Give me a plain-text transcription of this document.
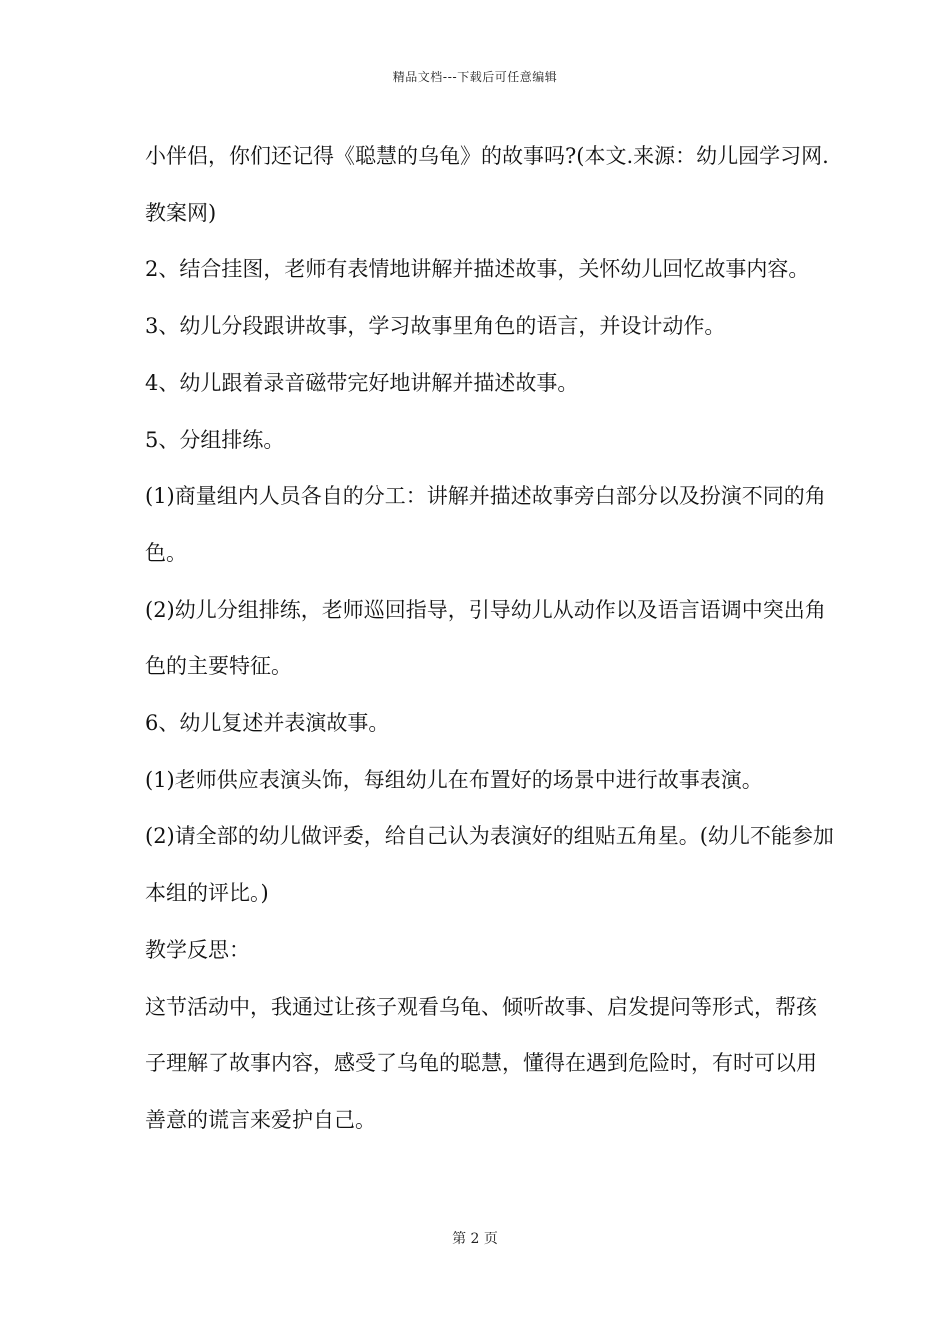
精品文档---下载后可任意编辑

小伴侣，你们还记得《聪慧的乌龟》的故事吗?(本文.来源：幼儿园学习网.教案网)

2、结合挂图，老师有表情地讲解并描述故事，关怀幼儿回忆故事内容。

3、幼儿分段跟讲故事，学习故事里角色的语言，并设计动作。

4、幼儿跟着录音磁带完好地讲解并描述故事。

5、分组排练。

(1)商量组内人员各自的分工：讲解并描述故事旁白部分以及扮演不同的角色。

(2)幼儿分组排练，老师巡回指导，引导幼儿从动作以及语言语调中突出角色的主要特征。

6、幼儿复述并表演故事。

(1)老师供应表演头饰，每组幼儿在布置好的场景中进行故事表演。

(2)请全部的幼儿做评委，给自己认为表演好的组贴五角星。(幼儿不能参加本组的评比。)

教学反思：

这节活动中，我通过让孩子观看乌龟、倾听故事、启发提问等形式，帮孩子理解了故事内容，感受了乌龟的聪慧，懂得在遇到危险时，有时可以用善意的谎言来爱护自己。

第 2 页
